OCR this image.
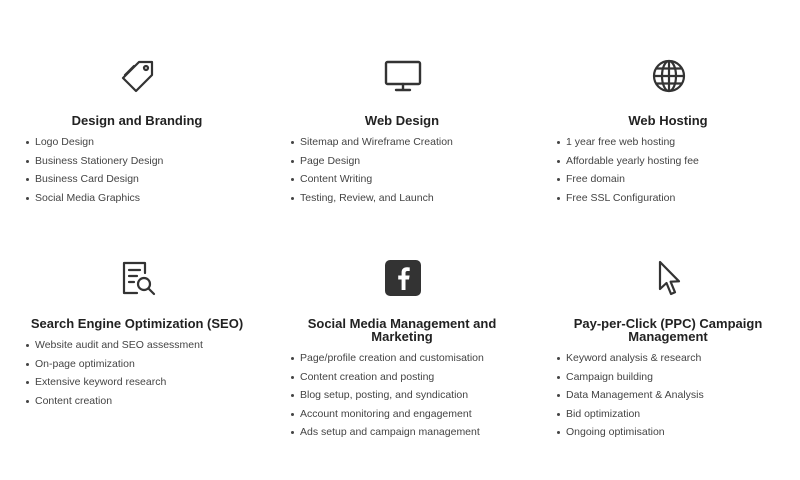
Design and Branding
Logo Design
Business Stationery Design
Business Card Design
Social Media Graphics
Web Design
Sitemap and Wireframe Creation
Page Design
Content Writing
Testing, Review, and Launch
Web Hosting
1 year free web hosting
Affordable yearly hosting fee
Free domain
Free SSL Configuration
Search Engine Optimization (SEO)
Website audit and SEO assessment
On-page optimization
Extensive keyword research
Content creation
Social Media Management and Marketing
Page/profile creation and customisation
Content creation and posting
Blog setup, posting, and syndication
Account monitoring and engagement
Ads setup and campaign management
Pay-per-Click (PPC) Campaign Management
Keyword analysis & research
Campaign building
Data Management & Analysis
Bid optimization
Ongoing optimisation
